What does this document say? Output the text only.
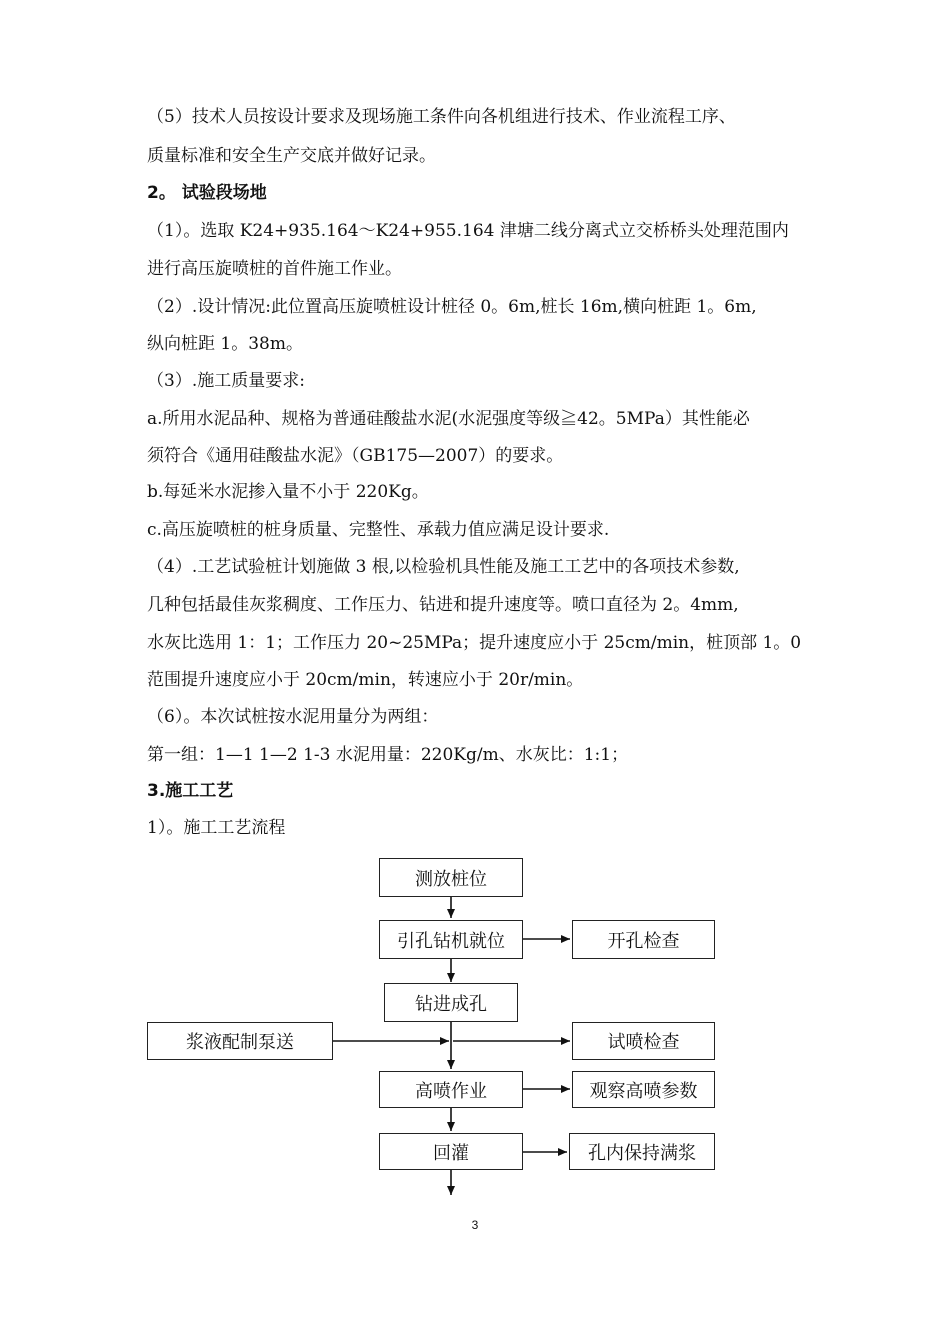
（5）技术人员按设计要求及现场施工条件向各机组进行技术、作业流程工序、
质量标准和安全生产交底并做好记录。
2。 试验段场地
（1）。选取 K24+935.164～K24+955.164 津塘二线分离式立交桥桥头处理范围内
进行高压旋喷桩的首件施工作业。
（2）.设计情况:此位置高压旋喷桩设计桩径 0。6m,桩长 16m,横向桩距 1。6m,
纵向桩距 1。38m。
（3）.施工质量要求:
a.所用水泥品种、规格为普通硅酸盐水泥(水泥强度等级≧42。5MPa）其性能必
须符合《通用硅酸盐水泥》（GB175—2007）的要求。
b.每延米水泥掺入量不小于 220Kg。
c.高压旋喷桩的桩身质量、完整性、承载力值应满足设计要求.
（4）.工艺试验桩计划施做 3 根,以检验机具性能及施工工艺中的各项技术参数,
几种包括最佳灰浆稠度、工作压力、钻进和提升速度等。喷口直径为 2。4mm,
水灰比选用 1：1；工作压力 20~25MPa；提升速度应小于 25cm/min，桩顶部 1。0
范围提升速度应小于 20cm/min，转速应小于 20r/min。
（6）。本次试桩按水泥用量分为两组：
第一组：1—1 1—2 1-3 水泥用量：220Kg/m、水灰比：1:1；
3.施工工艺
1）。施工工艺流程
测放桩位
引孔钻机就位	开孔检查
钻进成孔
浆液配制泵送	试喷检查
高喷作业	观察高喷参数
回灌	孔内保持满浆
3
